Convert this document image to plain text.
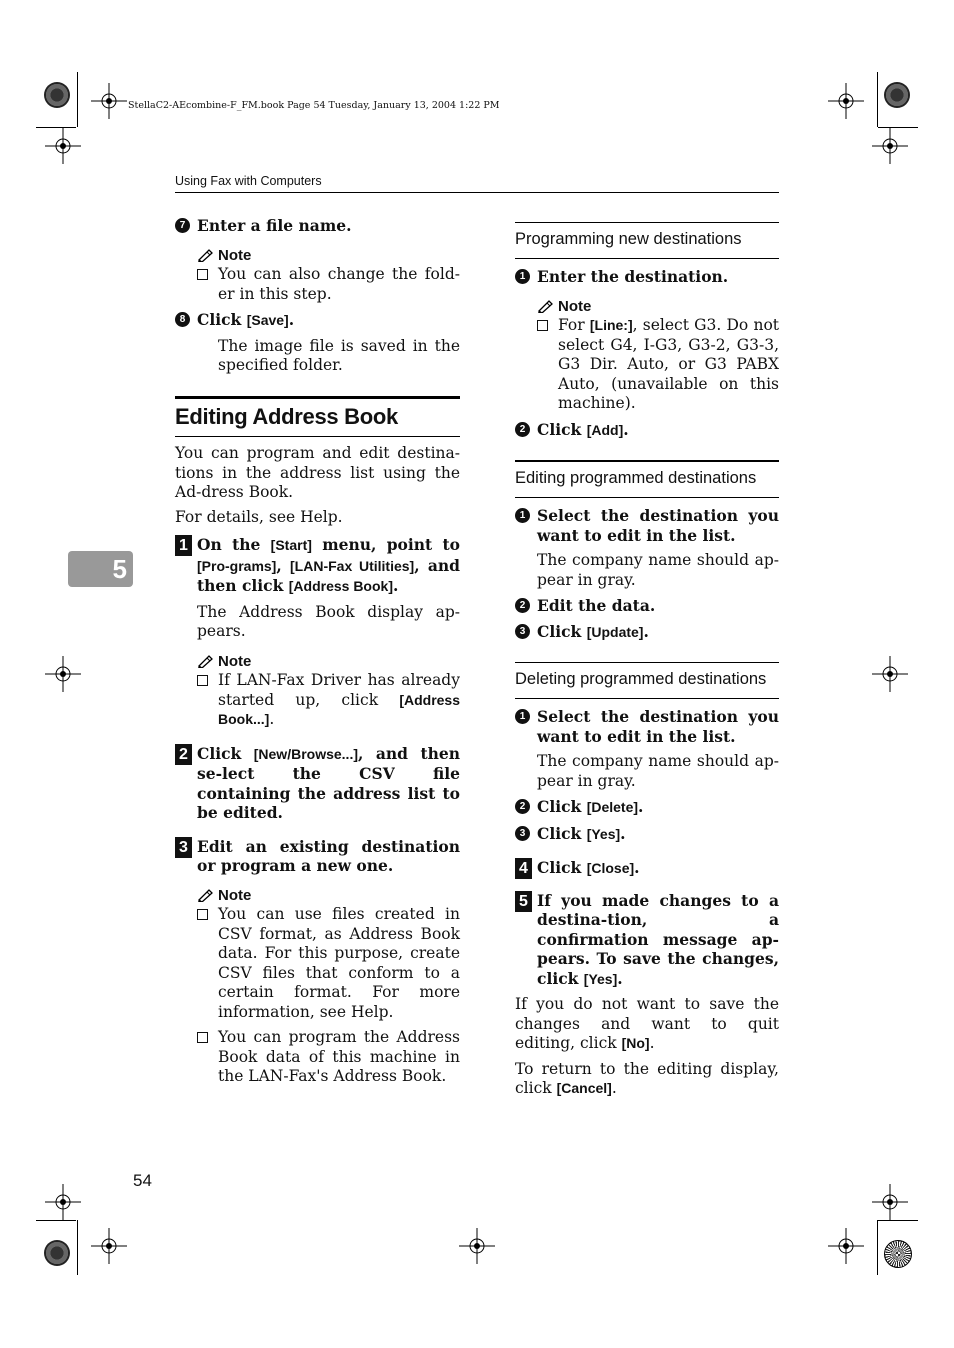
StellaC2-AEcombine-F_FM.book Page 54 Tuesday, January 13, 2004 1:22 PM
Using Fax with Computers
5

7 Enter a file name.

Note
You can also change the fold-er in this step.

8 Click [Save].

The image file is saved in the specified folder.

Editing Address Book

You can program and edit destina-tions in the address list using the Ad-dress Book.

For details, see Help.

1 On the [Start] menu, point to [Pro-grams], [LAN-Fax Utilities], and then click [Address Book].

The Address Book display ap-pears.

Note
If LAN-Fax Driver has already started up, click [Address Book...].
2 Click [New/Browse...], and then se-lect the CSV file containing the address list to be edited.
3 Edit an existing destination or program a new one.
Note
You can use files created in CSV format, as Address Book data. For this purpose, create CSV files that conform to a certain format. For more information, see Help.
You can program the Address Book data of this machine in the LAN-Fax's Address Book.
Programming new destinations

1 Enter the destination.

Note
For [Line:], select G3. Do not select G4, I-G3, G3-2, G3-3, G3 Dir. Auto, or G3 PABX Auto, (unavailable on this machine).

2 Click [Add].

Editing programmed destinations

1 Select the destination you want to edit in the list.

The company name should ap-pear in gray.

2 Edit the data.

3 Click [Update].

Deleting programmed destinations

1 Select the destination you want to edit in the list.

The company name should ap-pear in gray.

2 Click [Delete].

3 Click [Yes].

4 Click [Close].
5 If you made changes to a destina-tion, a confirmation message ap-pears. To save the changes, click [Yes].

If you do not want to save the changes and want to quit editing, click [No].

To return to the editing display, click [Cancel].

54
